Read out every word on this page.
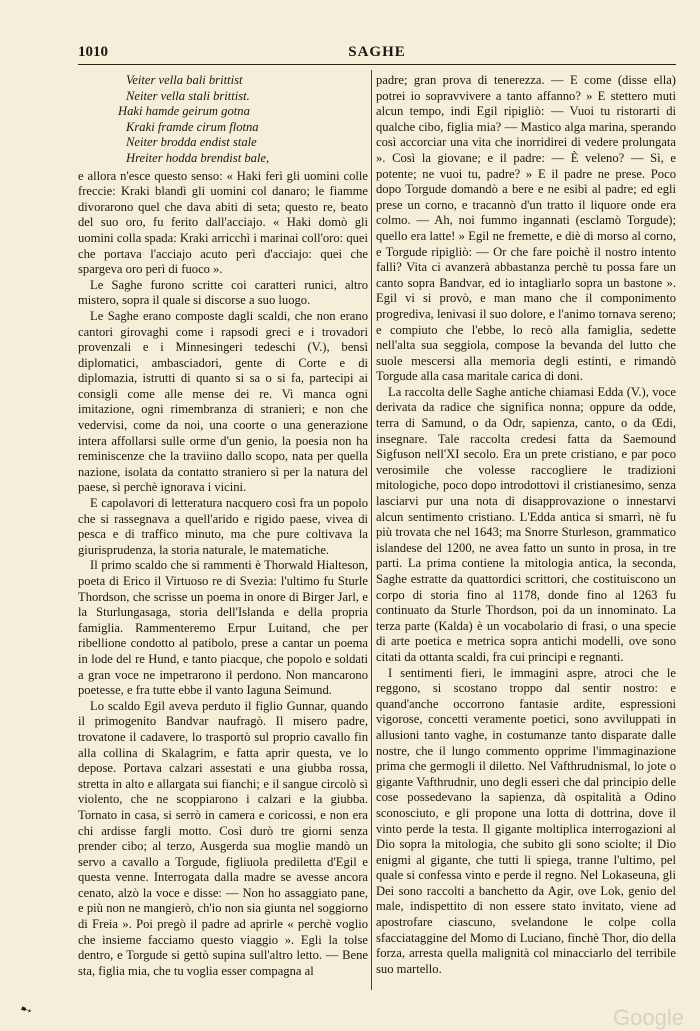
1010	SAGHE
Veiter vella bali brittist
Neiter vella stali brittist.
Haki hamde geirum gotna
Kraki framde cirum flotna
Neiter brodda endist stale
Hreiter hodda brendist bale,

e allora n'esce questo senso: « Haki ferì gli uomini colle freccie: Kraki blandì gli uomini col danaro; le fiamme divorarono quel che dava abiti di seta; questo re, beato del suo oro, fu ferito dall'acciajo. « Haki domò gli uomini colla spada: Kraki arricchì i marinai coll'oro: quei che portava l'acciajo acuto perì d'acciajo: quei che spargeva oro perì di fuoco ».

Le Saghe furono scritte coi caratteri runici, altro mistero, sopra il quale si discorse a suo luogo.

Le Saghe erano composte dagli scaldi, che non erano cantori girovaghi come i rapsodi greci e i trovadori provenzali e i Minnesingeri tedeschi (V.), bensì diplomatici, ambasciadori, gente di Corte e di diplomazia, istrutti di quanto si sa o si fa, partecipi ai consigli come alle mense dei re. Vi manca ogni imitazione, ogni rimembranza di stranieri; e non che vedervisi, come da noi, una coorte o una generazione intera affollarsi sulle orme d'un genio, la poesia non ha reminiscenze che la traviino dallo scopo, nata per quella nazione, isolata da contatto straniero sì per la natura del paese, sì perchè ignorava i vicini.

E capolavori di letteratura nacquero così fra un popolo che si rassegnava a quell'arido e rigido paese, vivea di pesca e di traffico minuto, ma che pure coltivava la giurisprudenza, la storia naturale, le matematiche.

Il primo scaldo che si rammenti è Thorwald Hialteson, poeta di Erico il Virtuoso re di Svezia: l'ultimo fu Sturle Thordson, che scrisse un poema in onore di Birger Jarl, e la Sturlungasaga, storia dell'Islanda e della propria famiglia. Rammenteremo Erpur Luitand, che per ribellione condotto al patibolo, prese a cantar un poema in lode del re Hund, e tanto piacque, che popolo e soldati a gran voce ne impetrarono il perdono. Non mancarono poetesse, e fra tutte ebbe il vanto Iaguna Seimund.

Lo scaldo Egil aveva perduto il figlio Gunnar, quando il primogenito Bandvar naufragò. Il misero padre, trovatone il cadavere, lo trasportò sul proprio cavallo fin alla collina di Skalagrim, e fatta aprir questa, ve lo depose. Portava calzari assestati e una giubba rossa, stretta in alto e allargata sui fianchi; e il sangue circolò sì violento, che ne scoppiarono i calzari e la giubba. Tornato in casa, si serrò in camera e coricossi, e non era chi ardisse fargli motto. Così durò tre giorni senza prender cibo; al terzo, Ausgerda sua moglie mandò un servo a cavallo a Torgude, figliuola prediletta d'Egil e questa venne. Interrogata dalla madre se avesse ancora cenato, alzò la voce e disse: — Non ho assaggiato pane, e più non ne mangierò, ch'io non sia giunta nel soggiorno di Freia ». Poi pregò il padre ad aprirle « perchè voglio che insieme facciamo questo viaggio ». Egli la tolse dentro, e Torgude si gettò supina sull'altro letto. — Bene sta, figlia mia, che tu voglia esser compagna al

padre; gran prova di tenerezza. — E come (disse ella) potrei io sopravvivere a tanto affanno? » E stettero muti alcun tempo, indi Egil ripigliò: — Vuoi tu ristorarti di qualche cibo, figlia mia? — Mastico alga marina, sperando così accorciar una vita che inorridirei di vedere prolungata ». Così la giovane; e il padre: — È veleno? — Sì, e potente; ne vuoi tu, padre? » E il padre ne prese. Poco dopo Torgude domandò a bere e ne esibì al padre; ed egli prese un corno, e tracannò d'un tratto il liquore onde era colmo. — Ah, noi fummo ingannati (esclamò Torgude); quello era latte! » Egil ne fremette, e diè di morso al corno, e Torgude ripigliò: — Or che fare poichè il nostro intento fallì? Vita ci avanzerà abbastanza perchè tu possa fare un canto sopra Bandvar, ed io intagliarlo sopra un bastone ». Egil vi si provò, e man mano che il componimento progrediva, lenivasi il suo dolore, e l'animo tornava sereno; e compiuto che l'ebbe, lo recò alla famiglia, sedette nell'alta sua seggiola, compose la bevanda del lutto che suole mescersi alla memoria degli estinti, e rimandò Torgude alla casa maritale carica di doni.

La raccolta delle Saghe antiche chiamasi Edda (V.), voce derivata da radice che significa nonna; oppure da odde, terra di Samund, o da Odr, sapienza, canto, o da Œdi, insegnare. Tale raccolta credesi fatta da Saemound Sigfuson nell'XI secolo. Era un prete cristiano, e par poco verosimile che volesse raccogliere le tradizioni mitologiche, poco dopo introdottovi il cristianesimo, senza lasciarvi pur una nota di disapprovazione o innestarvi alcun sentimento cristiano. L'Edda antica si smarrì, nè fu più trovata che nel 1643; ma Snorre Sturleson, grammatico islandese del 1200, ne avea fatto un sunto in prosa, in tre parti. La prima contiene la mitologia antica, la seconda, Saghe estratte da quattordici scrittori, che costituiscono un corpo di storia fino al 1178, donde fino al 1263 fu continuato da Sturle Thordson, poi da un innominato. La terza parte (Kalda) è un vocabolario di frasi, o una specie di arte poetica e metrica sopra antichi modelli, ove sono citati da ottanta scaldi, fra cui principi e regnanti.

I sentimenti fieri, le immagini aspre, atroci che le reggono, si scostano troppo dal sentir nostro: e quand'anche occorrono fantasie ardite, espressioni vigorose, concetti veramente poetici, sono avviluppati in allusioni tanto vaghe, in costumanze tanto disparate dalle nostre, che il lungo commento opprime l'immaginazione prima che germogli il diletto. Nel Vafthrudnismal, lo jote o gigante Vafthrudnir, uno degli esseri che dal principio delle cose possedevano la sapienza, dà ospitalità a Odino sconosciuto, e gli propone una lotta di dottrina, dove il vinto perde la testa. Il gigante moltiplica interrogazioni al Dio sopra la mitologia, che subito gli sono sciolte; il Dio enigmi al gigante, che tutti li spiega, tranne l'ultimo, pel quale si confessa vinto e perde il regno. Nel Lokaseuna, gli Dei sono raccolti a banchetto da Agir, ove Lok, genio del male, indispettito di non essere stato invitato, viene ad apostrofare ciascuno, svelandone le colpe colla sfacciataggine del Momo di Luciano, finchè Thor, dio della forza, arresta quella malignità col minacciarlo del terribile suo martello.

➸	Google
